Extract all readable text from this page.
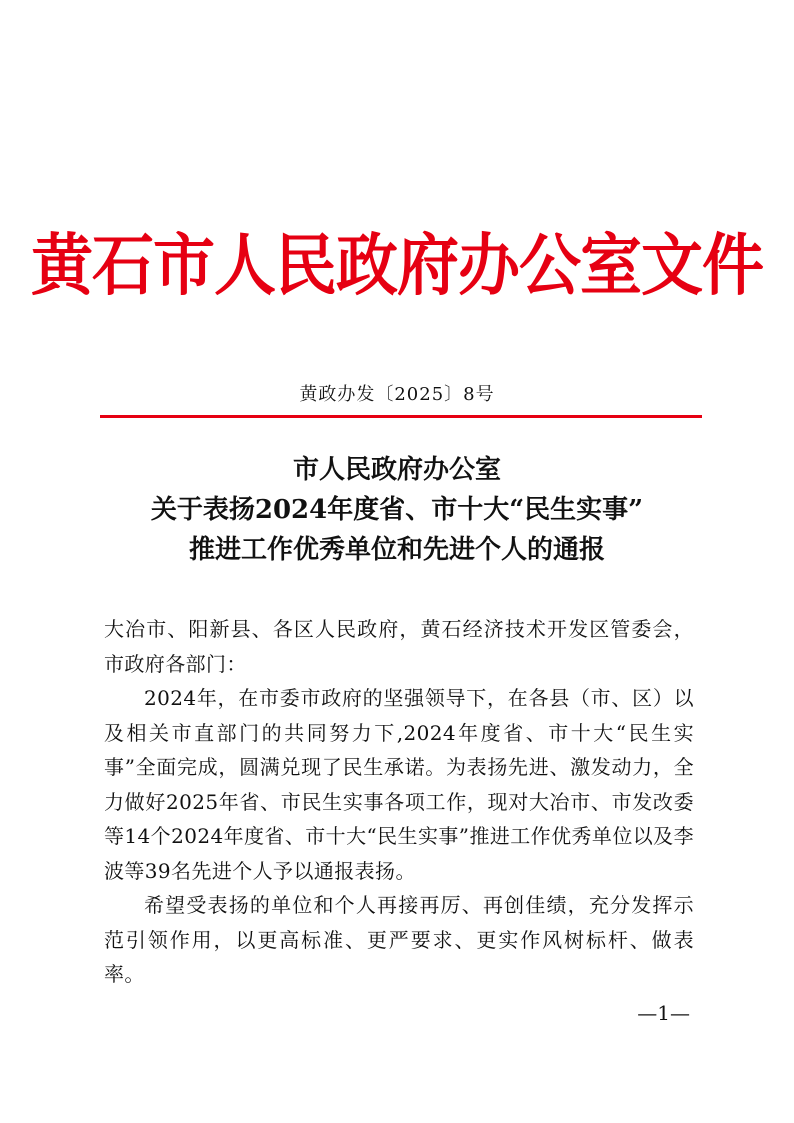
黄石市人民政府办公室文件
黄政办发〔2025〕8号
市人民政府办公室
关于表扬2024年度省、市十大“民生实事”
推进工作优秀单位和先进个人的通报

大冶市、阳新县、各区人民政府，黄石经济技术开发区管委会，市政府各部门：

2024年，在市委市政府的坚强领导下，在各县（市、区）以及相关市直部门的共同努力下,2024年度省、市十大“民生实事”全面完成，圆满兑现了民生承诺。为表扬先进、激发动力，全力做好2025年省、市民生实事各项工作，现对大冶市、市发改委等14个2024年度省、市十大“民生实事”推进工作优秀单位以及李波等39名先进个人予以通报表扬。

希望受表扬的单位和个人再接再厉、再创佳绩，充分发挥示范引领作用，以更高标准、更严要求、更实作风树标杆、做表率。

—1—
